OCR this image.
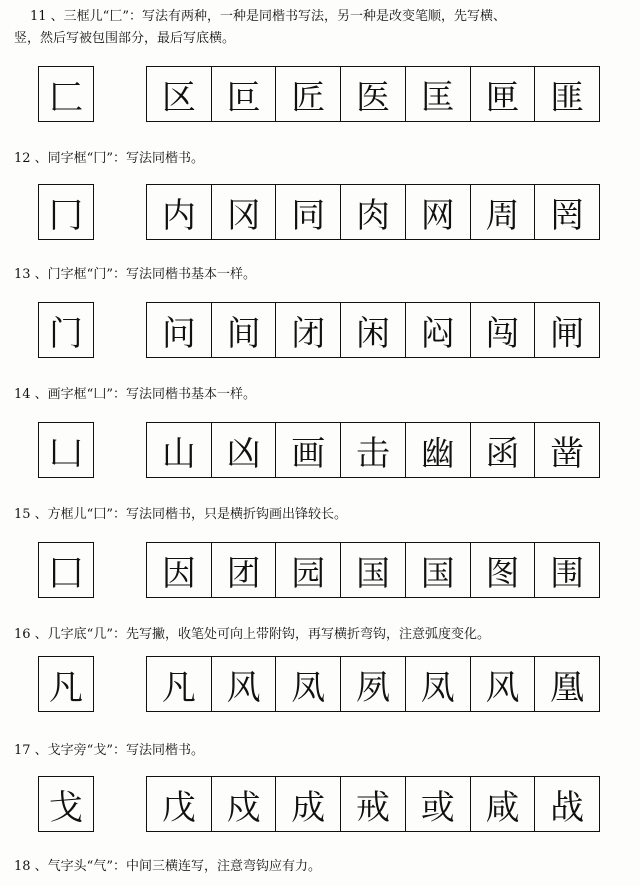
11 、三框儿“匚”：写法有两种，一种是同楷书写法，另一种是改变笔顺，先写横、
竖，然后写被包围部分，最后写底横。
匚 区 叵 匠 医 匡 匣 匪
12 、同字框“冂”：写法同楷书。
冂 内 冈 同 肉 网 周 罔
13 、门字框“门”：写法同楷书基本一样。
门 问 间 闭 闲 闷 闯 闸
14 、画字框“凵”：写法同楷书基本一样。
凵 山 凶 画 击 幽 函 凿
15 、方框儿“囗”：写法同楷书，只是横折钩画出锋较长。
囗 因 团 园 国 国 图 围
16 、几字底“几”：先写撇，收笔处可向上带附钩，再写横折弯钩，注意弧度变化。
凡 凡 风 凤 夙 凤 风 凰
17 、戈字旁“戈”：写法同楷书。
戈 戊 戍 成 戒 或 咸 战
18 、气字头“气”：中间三横连写，注意弯钩应有力。
